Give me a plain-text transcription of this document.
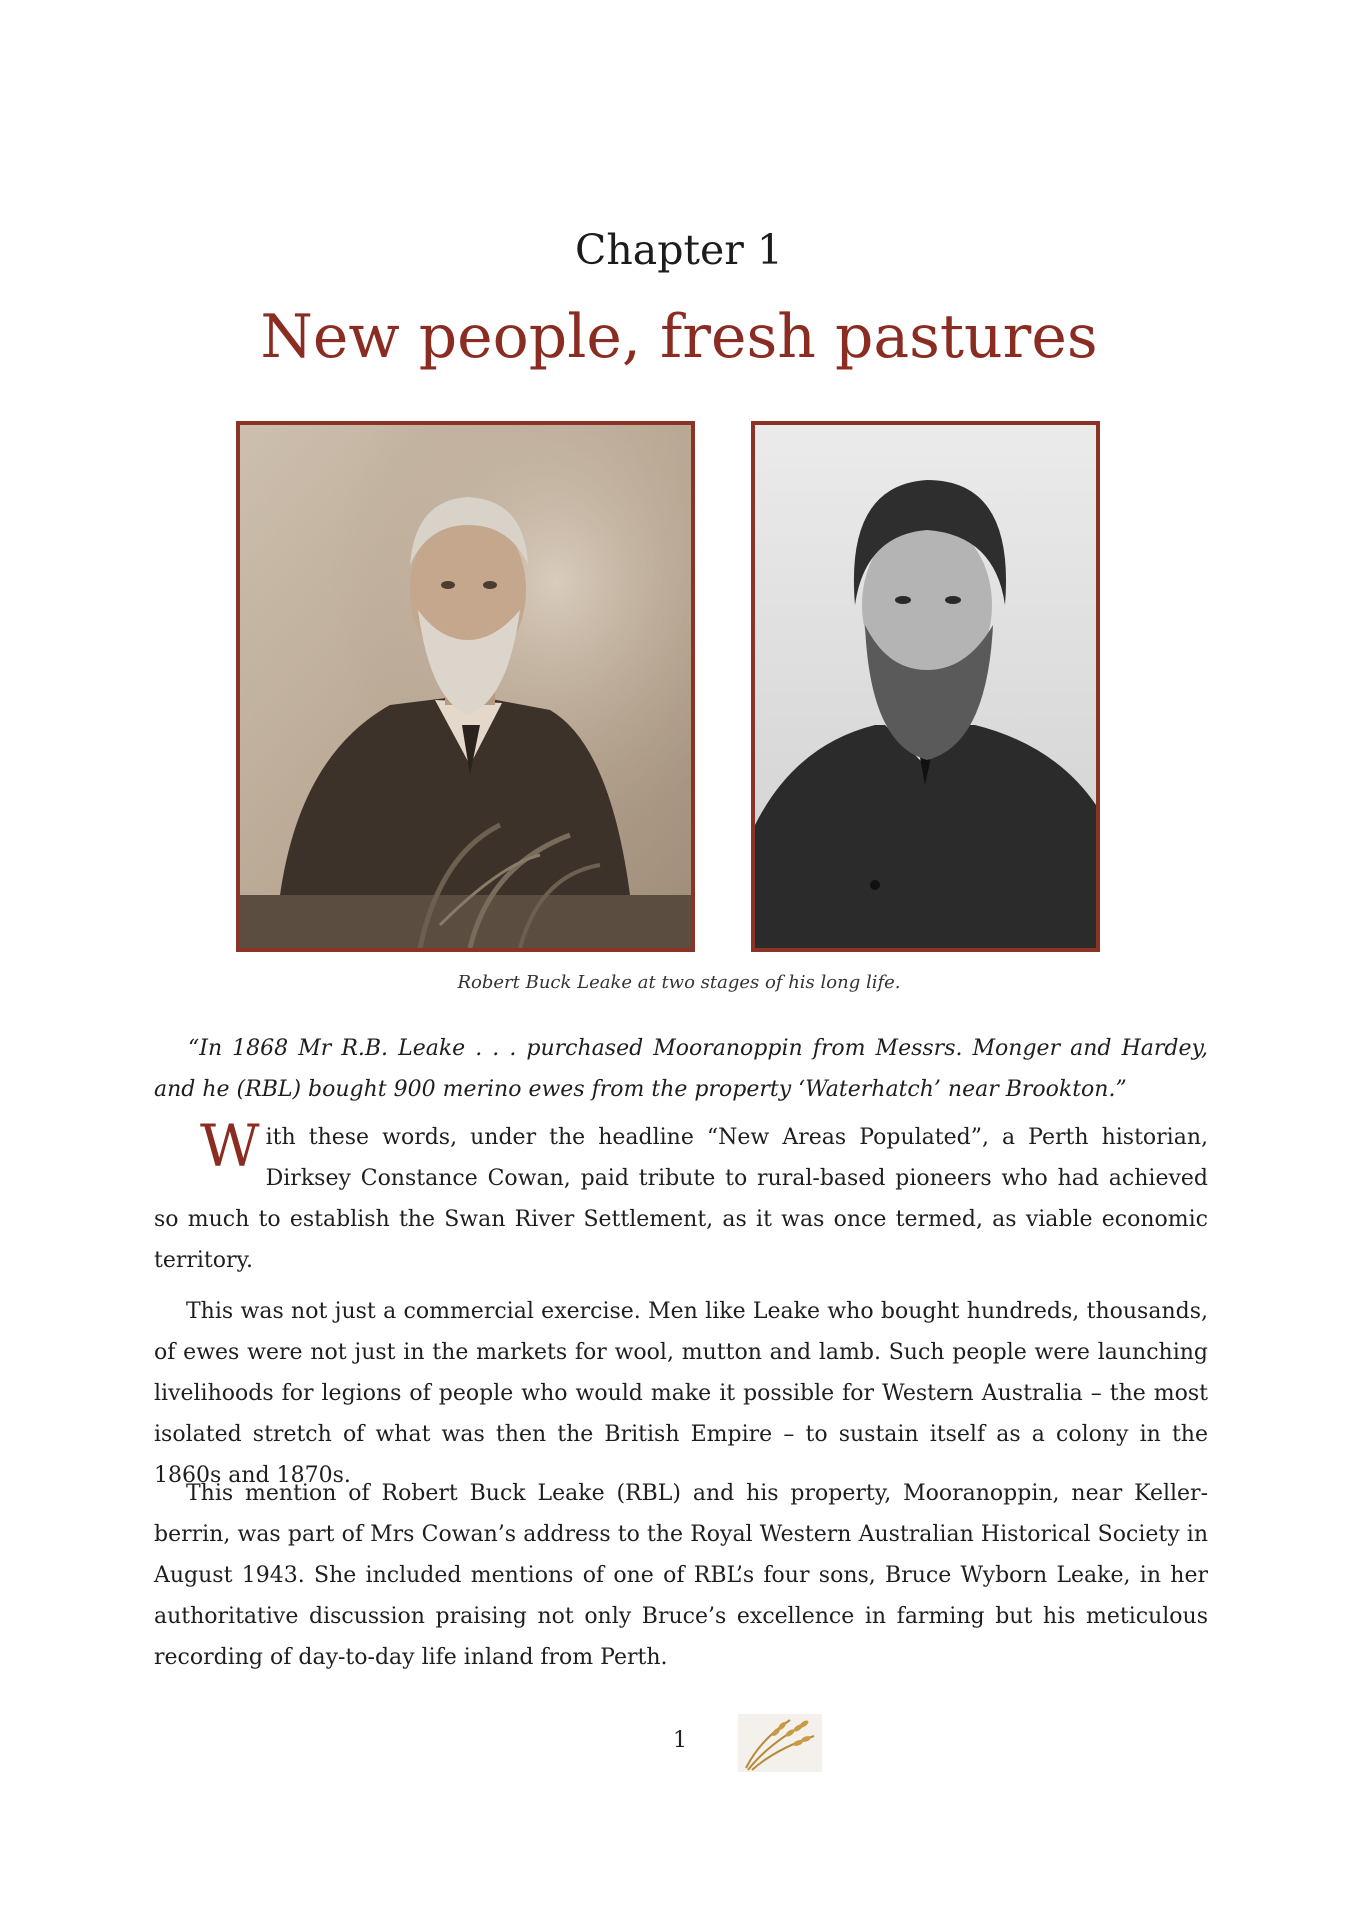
Chapter 1
New people, fresh pastures
Robert Buck Leake at two stages of his long life.
“In 1868 Mr R.B. Leake . . . purchased Mooranoppin from Messrs. Monger and Hardey, and he (RBL) bought 900 merino ewes from the property ‘Waterhatch’ near Brookton.”
W ith these words, under the headline “New Areas Populated”, a Perth historian, Dirksey Constance Cowan, paid tribute to rural-based pioneers who had achieved so much to establish the Swan River Settlement, as it was once termed, as viable economic territory.
This was not just a commercial exercise. Men like Leake who bought hundreds, thousands, of ewes were not just in the markets for wool, mutton and lamb. Such people were launching livelihoods for legions of people who would make it possible for Western Australia – the most isolated stretch of what was then the British Empire – to sustain itself as a colony in the 1860s and 1870s.
This mention of Robert Buck Leake (RBL) and his property, Mooranoppin, near Keller-berrin, was part of Mrs Cowan’s address to the Royal Western Australian Historical Society in August 1943. She included mentions of one of RBL’s four sons, Bruce Wyborn Leake, in her authoritative discussion praising not only Bruce’s excellence in farming but his meticulous recording of day-to-day life inland from Perth.
1
